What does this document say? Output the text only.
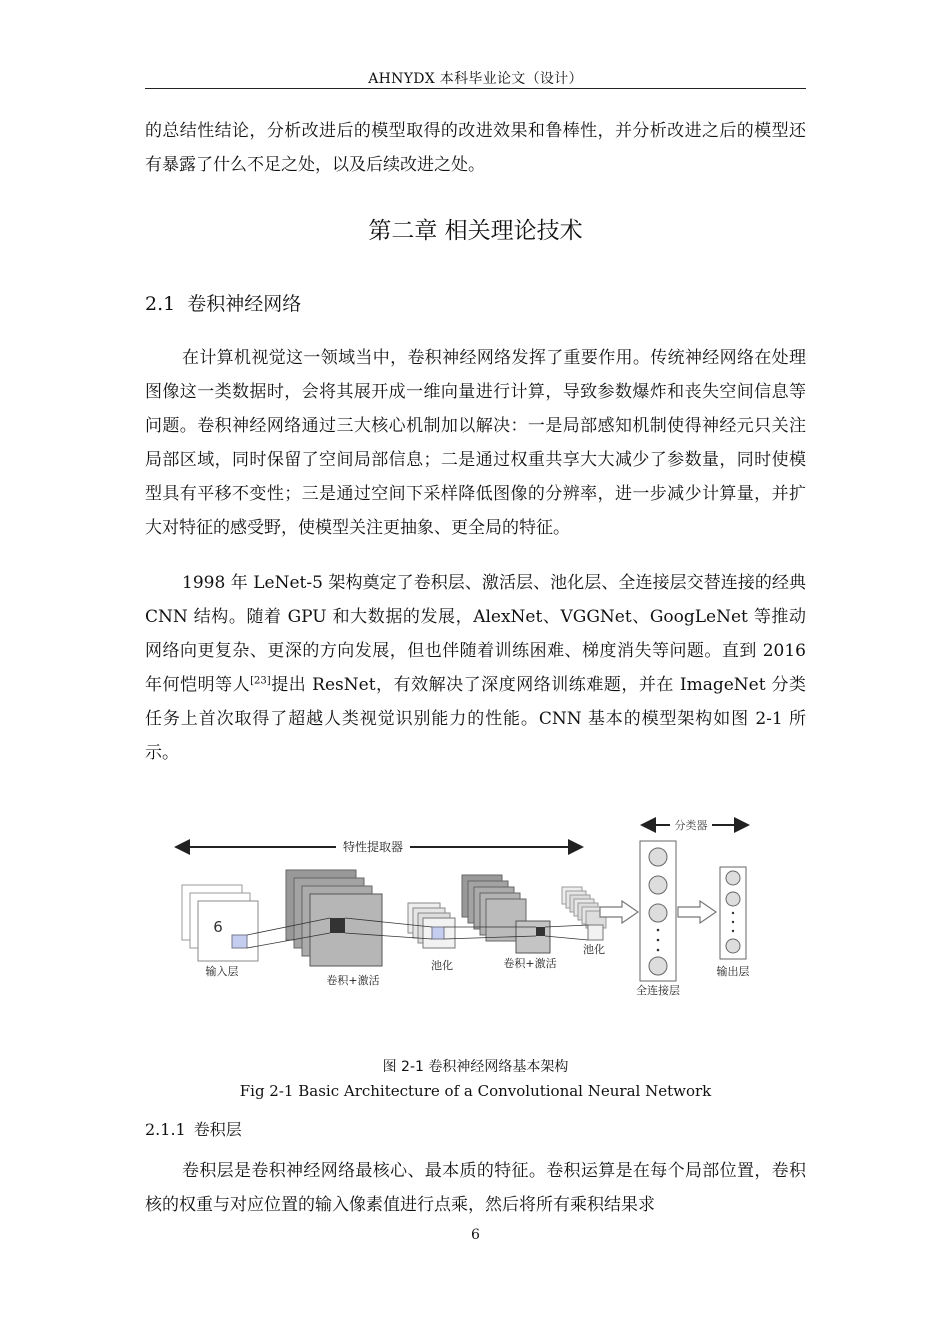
AHNYDX 本科毕业论文（设计）

的总结性结论，分析改进后的模型取得的改进效果和鲁棒性，并分析改进之后的模型还有暴露了什么不足之处，以及后续改进之处。

第二章 相关理论技术
2.1 卷积神经网络

在计算机视觉这一领域当中，卷积神经网络发挥了重要作用。传统神经网络在处理图像这一类数据时，会将其展开成一维向量进行计算，导致参数爆炸和丧失空间信息等问题。卷积神经网络通过三大核心机制加以解决：一是局部感知机制使得神经元只关注局部区域，同时保留了空间局部信息；二是通过权重共享大大减少了参数量，同时使模型具有平移不变性；三是通过空间下采样降低图像的分辨率，进一步减少计算量，并扩大对特征的感受野，使模型关注更抽象、更全局的特征。

1998 年 LeNet-5 架构奠定了卷积层、激活层、池化层、全连接层交替连接的经典 CNN 结构。随着 GPU 和大数据的发展，AlexNet、VGGNet、GoogLeNet 等推动网络向更复杂、更深的方向发展，但也伴随着训练困难、梯度消失等问题。直到 2016 年何恺明等人[23]提出 ResNet，有效解决了深度网络训练难题，并在 ImageNet 分类任务上首次取得了超越人类视觉识别能力的性能。CNN 基本的模型架构如图 2-1 所示。

特性提取器
分类器
6
输入层
卷积+激活
池化	卷积+激活
池化
全连接层
输出层
图 2-1 卷积神经网络基本架构
Fig 2-1 Basic Architecture of a Convolutional Neural Network
2.1.1 卷积层

卷积层是卷积神经网络最核心、最本质的特征。卷积运算是在每个局部位置，卷积核的权重与对应位置的输入像素值进行点乘，然后将所有乘积结果求

6
